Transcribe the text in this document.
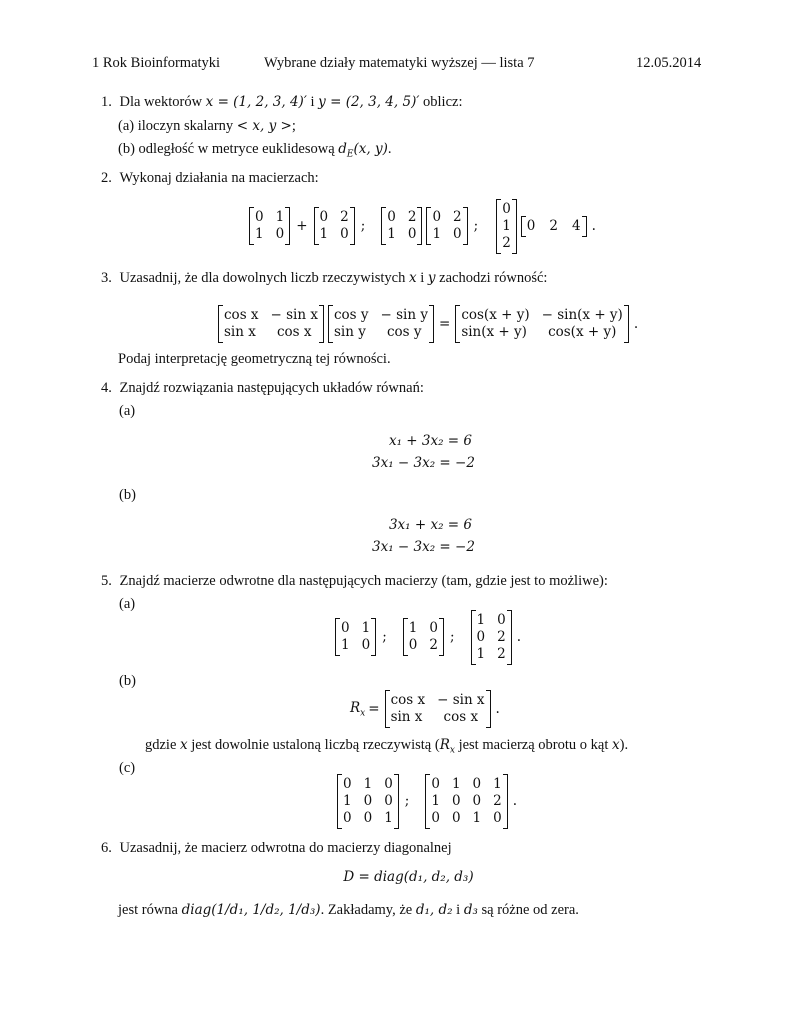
1 Rok Bioinformatyki	Wybrane działy matematyki wyższej — lista 7	12.05.2014
1. Dla wektorów x = (1, 2, 3, 4)′ i y = (2, 3, 4, 5)′ oblicz:
(a) iloczyn skalarny < x, y >;
(b) odległość w metryce euklidesową $d_E(x$, y).
2. Wykonaj działania na macierzach:
0 1
1 0 +
0 2
1 0 ;
0 2
1 0
0 2
1 0 ;
0
1
2
0 2 4 .
3. Uzasadnij, że dla dowolnych liczb rzeczywistych x i y zachodzi równość:
cos x − sin x
sin x	cos x
cos y − sin y
sin y	cos y	=
cos(x + y) − sin(x + y)
sin(x + y)	cos(x + y)	.
Podaj interpretację geometryczną tej równości.
4. Znajdź rozwiązania następujących układów równań:
(a)
x₁ + 3x₂ = 6
3x₁ − 3x₂ = −2
(b)
3x₁ + x₂ = 6
3x₁ − 3x₂ = −2
5. Znajdź macierze odwrotne dla następujących macierzy (tam, gdzie jest to możliwe):
(a)
0 1
1 0 ;
1 0
0 2 ;
1 0
0 2
1 2
.
(b)
$R_x$ =
cos x − sin x
sin x	cos x	.
gdzie x jest dowolnie ustaloną liczbą rzeczywistą ($R_x$ jest macierzą obrotu o kąt x).
(c)
0 1 0
1 0 0
0 0 1
;
0 1 0 1
1 0 0 2
0 0 1 0
.
6. Uzasadnij, że macierz odwrotna do macierzy diagonalnej
D = diag(d₁, d₂, d₃)
jest równa diag(1/d₁, 1/d₂, 1/d₃). Zakładamy, że d₁, d₂ i d₃ są różne od zera.
